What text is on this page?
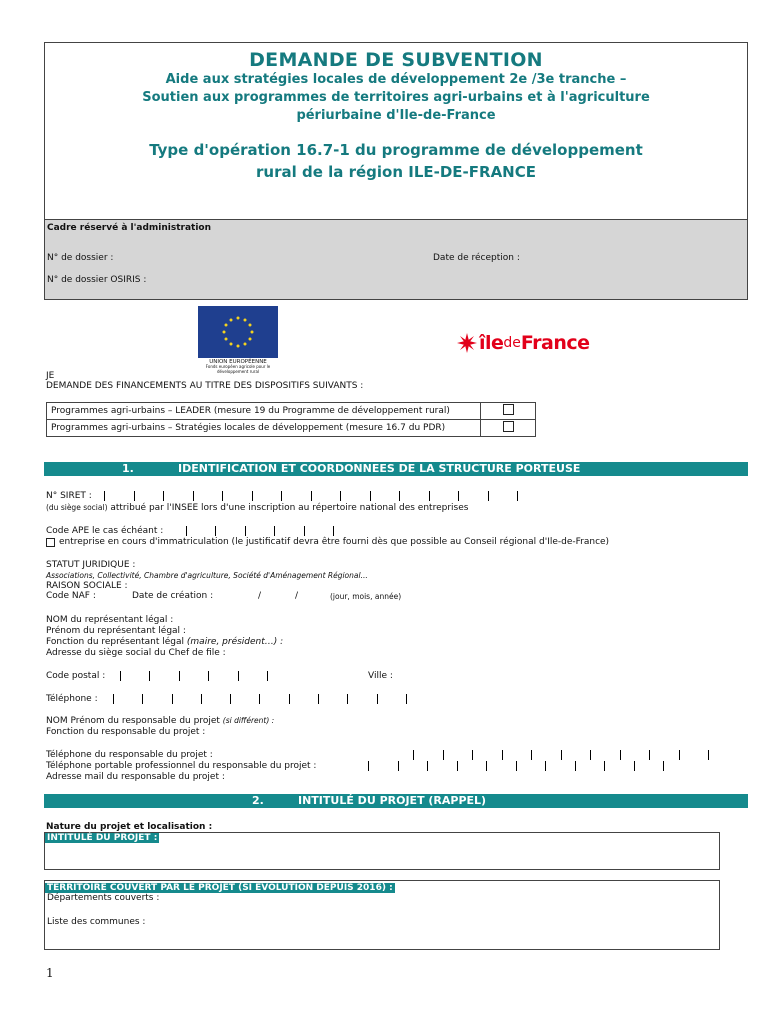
DEMANDE DE SUBVENTION
Aide aux stratégies locales de développement 2e /3e tranche –
Soutien aux programmes de territoires agri-urbains et à l'agriculture
périurbaine d'Ile-de-France
Type d'opération 16.7-1 du programme de développement
rural de la région ILE-DE-FRANCE
Cadre réservé à l'administration
N° de dossier :	Date de réception :
N° de dossier OSIRIS :
UNION EUROPÉENNE
Fonds européen agricole pour le développement rural
île de France
JE
DEMANDE DES FINANCEMENTS AU TITRE DES DISPOSITIFS SUIVANTS :
Programmes agri-urbains – LEADER (mesure 19 du Programme de développement rural)	
Programmes agri-urbains – Stratégies locales de développement (mesure 16.7 du PDR)	
1.	IDENTIFICATION ET COORDONNEES DE LA STRUCTURE PORTEUSE
N° SIRET :
(du siège social) attribué par l'INSEE lors d'une inscription au répertoire national des entreprises
Code APE le cas échéant :
entreprise en cours d'immatriculation (le justificatif devra être fourni dès que possible au Conseil régional d'Ile-de-France)
STATUT JURIDIQUE :
Associations, Collectivité, Chambre d'agriculture, Société d'Aménagement Régional...
RAISON SOCIALE :
Code NAF :	Date de création :	/	/	(jour, mois, année)
NOM du représentant légal :
Prénom du représentant légal :
Fonction du représentant légal (maire, président…) :
Adresse du siège social du Chef de file :
Code postal :	Ville :
Téléphone :
NOM Prénom du responsable du projet (si différent) :
Fonction du responsable du projet :
Téléphone du responsable du projet :
Téléphone portable professionnel du responsable du projet :
Adresse mail du responsable du projet :
2.	INTITULÉ DU PROJET (RAPPEL)
Nature du projet et localisation :
INTITULÉ DU PROJET :
TERRITOIRE COUVERT PAR LE PROJET (SI ÉVOLUTION DEPUIS 2016) :
Départements couverts :
Liste des communes :
1
